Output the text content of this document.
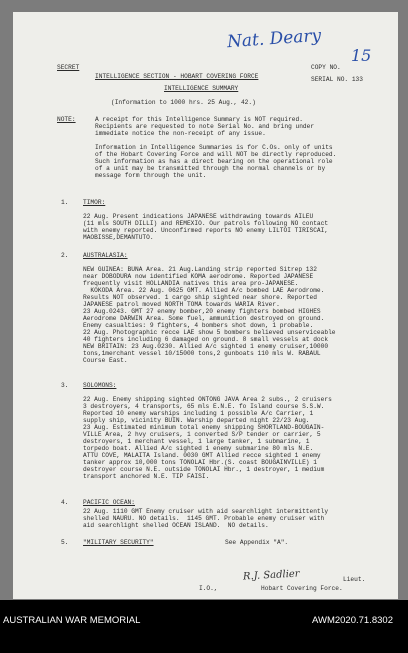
Nat. Deary
SECRET
INTELLIGENCE SECTION - HOBART COVERING FORCE
COPY NO.
15
INTELLIGENCE SUMMARY
SERIAL NO. 133
(Information to 1000 hrs. 25 Aug., 42.)
NOTE:	A receipt for this Intelligence Summary is NOT required.
Recipients are requested to note Serial No. and bring under
immediate notice the non-receipt of any issue.
Information in Intelligence Summaries is for C.Os. only of units
of the Hobart Covering Force and will NOT be directly reproduced.
Such information as has a direct bearing on the operational role
of a unit may be transmitted through the normal channels or by
message form through the unit.
1. TIMOR:
22 Aug. Present indications JAPANESE withdrawing towards AILEU
(11 mls SOUTH DILLI) and REMEXIO. Our patrols following NO contact
with enemy reported. Unconfirmed reports NO enemy LILTOI TIRISCAI,
MAOBISSE,DEMANTUTO.
2. AUSTRALASIA:
NEW GUINEA: BUNA Area. 21 Aug.Landing strip reported Sitrep 132
near DOBODURA now identified KOMA aerodrome. Reported JAPANESE
frequently visit HOLLANDIA natives this area pro-JAPANESE.
KOKODA Area. 22 Aug. 0625 GMT. Allied A/c bombed LAE Aerodrome.
Results NOT observed. 1 cargo ship sighted near shore. Reported
JAPANESE patrol moved NORTH TOMA towards WARIA River.
23 Aug.0243. GMT 27 enemy bomber,20 enemy fighters bombed HIGHES
Aerodrome DARWIN Area. Some fuel, ammunition destroyed on ground.
Enemy casualties: 9 fighters, 4 bombers shot down, 1 probable.
22 Aug. Photographic recce LAE show 5 bombers believed unserviceable
40 fighters including 6 damaged on ground. 8 small vessels at dock
NEW BRITAIN: 23 Aug.0230. Allied A/c sighted 1 enemy cruiser,10000
tons,1merchant vessel 10/15000 tons,2 gunboats 110 mls W. RABAUL
Course East.
3. SOLOMONS:
22 Aug. Enemy shipping sighted ONTONG JAVA Area 2 subs., 2 cruisers
3 destroyers, 4 transports, 65 mls E.N.E. fo Island course S.S.W.
Reported 10 enemy warships including 1 possible A/c Carrier, 1
supply ship, vicinity BUIN. Warship departed night 22/23 Aug.
23 Aug. Estimated minimum total enemy shipping SHORTLAND-BOUGAIN-
VILLE Area, 2 hvy cruisers, 1 converted S/P tender or carrier, 5
destroyers, 1 merchant vessel, 1 large tanker, 1 submarine, 1
torpedo boat. Allied A/c sighted 1 enemy submarine 80 mls N.E.
ATTU COVE, MALAITA Island. 0030 GMT Allied recce sighted 1 enemy
tanker approx 10,000 tons TONOLAI Hbr.(S. coast BOUGAINVILLE) 1
destroyer course N.E. outside TONOLAI Hbr., 1 destroyer, 1 medium
transport anchored N.E. TIP FAISI.
4. PACIFIC OCEAN:
22 Aug. 1110 GMT Enemy cruiser with aid searchlight intermittently
shelled NAURU. NO details.  1145 GMT. Probable enemy cruiser with
aid searchlight shelled OCEAN ISLAND.  NO details.
5. "MILITARY SECURITY"	See Appendix "A".
R.J. Sadlier	Lieut.
I.O.,	Hobart Covering Force.
AUSTRALIAN WAR MEMORIAL	AWM2020.71.8302
